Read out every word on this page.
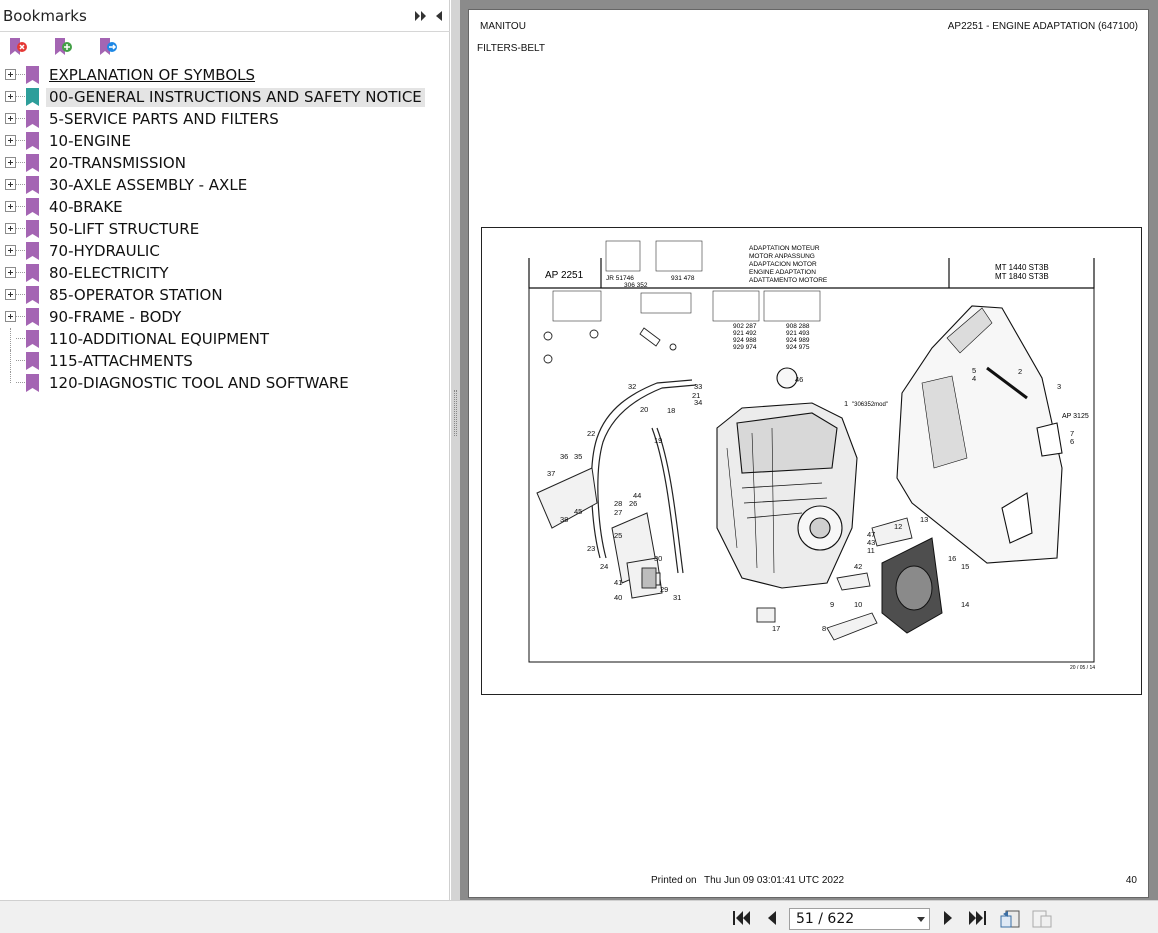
Bookmarks
EXPLANATION OF SYMBOLS
00-GENERAL INSTRUCTIONS AND SAFETY NOTICE
5-SERVICE PARTS AND FILTERS
10-ENGINE
20-TRANSMISSION
30-AXLE ASSEMBLY - AXLE
40-BRAKE
50-LIFT STRUCTURE
70-HYDRAULIC
80-ELECTRICITY
85-OPERATOR STATION
90-FRAME - BODY
110-ADDITIONAL EQUIPMENT
115-ATTACHMENTS
120-DIAGNOSTIC TOOL AND SOFTWARE
MANITOU	AP2251 - ENGINE ADAPTATION (647100)
FILTERS-BELT
AP 2251
MT 1440 ST3B
MT 1840 ST3B
JR 51746
306 352
931 478
ADAPTATION MOTEUR
MOTOR ANPASSUNG
ADAPTACION MOTOR
ENGINE ADAPTATION
ADATTAMENTO MOTORE
902 287
921 492
924 988
929 974
908 288
921 493
924 989
924 975
1
2
3
4
5
6
7
8
9	10
11
12
13
14
15
16
17
18
19
20
21
22
23
24
25
26
27
28
29
30
31
32	33
34
35
36
37
38
40
41
42
43
44
45
46
47
"306352mod"
AP 3125
20 / 05 / 14
Printed on Thu Jun 09 03:01:41 UTC 2022	40
51 / 622
